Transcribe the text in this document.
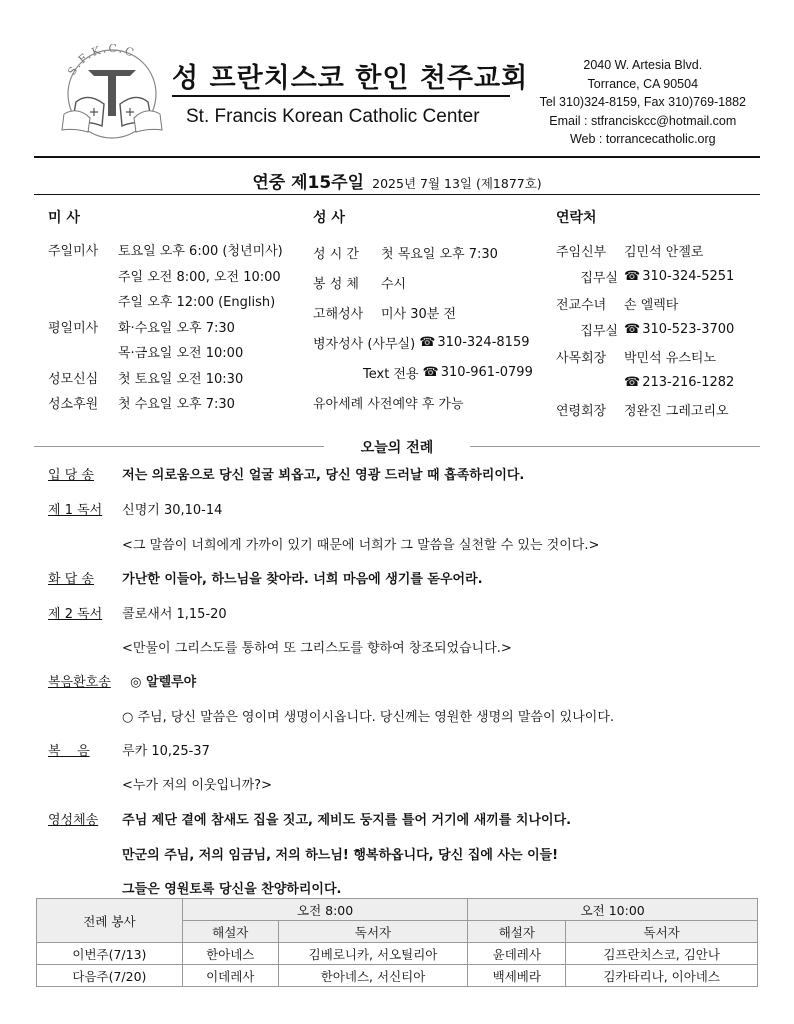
S.F.K.C.C
성 프란치스코 한인 천주교회
St. Francis Korean Catholic Center
2040 W. Artesia Blvd.
Torrance, CA 90504
Tel 310)324-8159, Fax 310)769-1882
Email : stfranciskcc@hotmail.com
Web : torrancecatholic.org
연중 제15주일 2025년 7월 13일 (제1877호)
미 사
주일미사	토요일 오후 6:00 (청년미사)
주일 오전 8:00, 오전 10:00
주일 오후 12:00 (English)
평일미사	화·수요일 오후 7:30
목·금요일 오전 10:00
성모신심	첫 토요일 오전 10:30
성소후원	첫 수요일 오후 7:30
성 사
성 시 간	첫 목요일 오후 7:30
봉 성 체	수시
고해성사	미사 30분 전
병자성사 (사무실) ☎ 310-324-8159
Text 전용 ☎ 310-961-0799
유아세례 사전예약 후 가능
연락처
주임신부	김민석 안젤로
집무실 ☎ 310-324-5251
전교수녀	손 엘렉타
집무실 ☎ 310-523-3700
사목회장	박민석 유스티노
☎ 213-216-1282
연령회장	정완진 그레고리오
오늘의 전례
입 당 송 저는 의로움으로 당신 얼굴 뵈옵고, 당신 영광 드러날 때 흡족하리이다.
제 1 독서 신명기 30,10-14
<그 말씀이 너희에게 가까이 있기 때문에 너희가 그 말씀을 실천할 수 있는 것이다.>
화 답 송 가난한 이들아, 하느님을 찾아라. 너희 마음에 생기를 돋우어라.
제 2 독서 콜로새서 1,15-20
<만물이 그리스도를 통하여 또 그리스도를 향하여 창조되었습니다.>
복음환호송 ◎ 알렐루야
○ 주님, 당신 말씀은 영이며 생명이시옵니다. 당신께는 영원한 생명의 말씀이 있나이다.
복    음 루카 10,25-37
<누가 저의 이웃입니까?>
영성체송 주님 제단 곁에 참새도 집을 짓고, 제비도 둥지를 틀어 거기에 새끼를 치나이다.
만군의 주님, 저의 임금님, 저의 하느님! 행복하옵니다, 당신 집에 사는 이들!
그들은 영원토록 당신을 찬양하리이다.
전례 봉사	오전 8:00		오전 10:00	
	해설자	독서자	해설자	독서자
이번주(7/13)	한아네스	김베로니카, 서오틸리아	윤데레사	김프란치스코, 김안나
다음주(7/20)	이데레사	한아네스, 서신티아	백세베라	김카타리나, 이아네스
